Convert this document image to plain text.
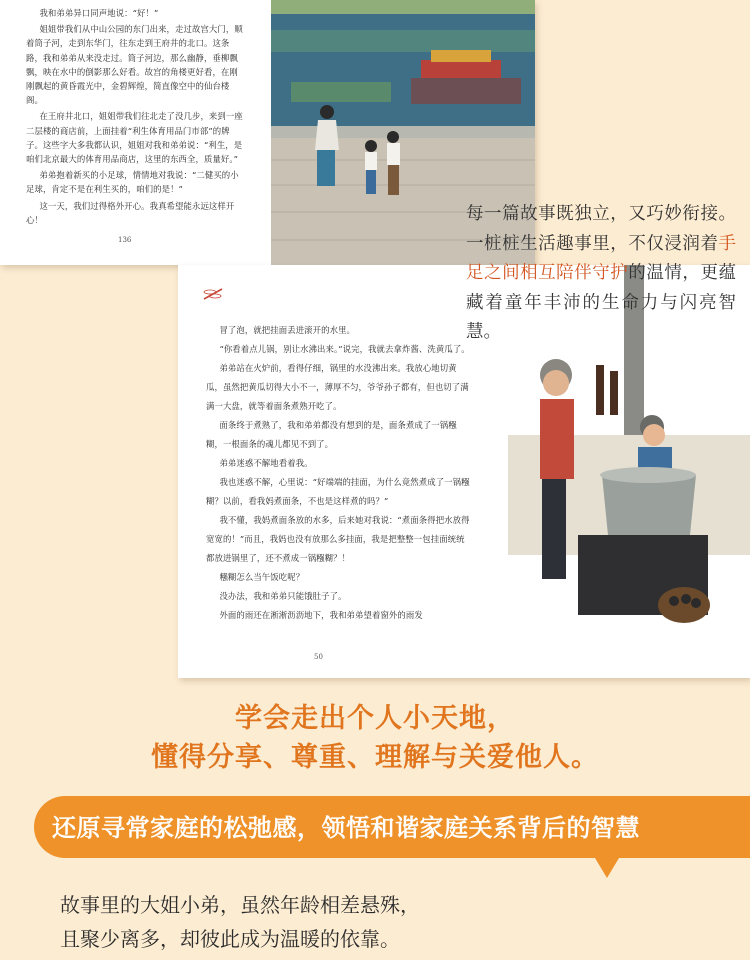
我和弟弟异口同声地说：“好！”

姐姐带我们从中山公园的东门出来，走过故宫大门，顺着筒子河，走到东华门，往东走到王府井的北口。这条路，我和弟弟从来没走过。筒子河边，那么幽静，垂柳飘飘，映在水中的倒影那么好看。故宫的角楼更好看，在刚刚飘起的黄昏霞光中，金碧辉煌，简直像空中的仙台楼阁。

在王府井北口，姐姐带我们往北走了没几步，来到一座二层楼的商店前，上面挂着“利生体育用品门市部”的牌子。这些字大多我都认识，姐姐对我和弟弟说：“利生，是咱们北京最大的体育用品商店，这里的东西全，质量好。”

弟弟抱着新买的小足球，情情地对我说：“二健买的小足球，肯定不是在利生买的，咱们的是！”

这一天，我们过得格外开心。我真希望能永远这样开心！

136

冒了泡，就把挂面丢进滚开的水里。

“你看着点儿锅，别让水沸出来。”说完，我就去拿炸酱、洗黄瓜了。

弟弟站在火炉前，看得仔细，锅里的水没沸出来。我放心地切黄瓜，虽然把黄瓜切得大小不一，薄厚不匀，爷爷孙子都有，但也切了满满一大盘，就等着面条煮熟开吃了。

面条终于煮熟了，我和弟弟都没有想到的是，面条煮成了一锅糨糊，一根面条的魂儿都见不到了。

弟弟迷惑不解地看着我。

我也迷惑不解，心里说：“好端端的挂面，为什么竟然煮成了一锅糨糊？以前，看我妈煮面条，不也是这样煮的吗？”

我不懂，我妈煮面条放的水多，后来她对我说：“煮面条得把水放得宽宽的！”而且，我妈也没有放那么多挂面，我是把整整一包挂面统统都放进锅里了，还不煮成一锅糨糊？！

糨糊怎么当午饭吃呢？

没办法，我和弟弟只能饿肚子了。

外面的雨还在淅淅沥沥地下，我和弟弟望着窗外的雨发

50
每一篇故事既独立，又巧妙衔接。一桩桩生活趣事里，不仅浸润着手足之间相互陪伴守护的温情，更蕴藏着童年丰沛的生命力与闪亮智慧。
学会走出个人小天地，
懂得分享、尊重、理解与关爱他人。
还原寻常家庭的松弛感，领悟和谐家庭关系背后的智慧
故事里的大姐小弟，虽然年龄相差悬殊，
且聚少离多，却彼此成为温暖的依靠。
